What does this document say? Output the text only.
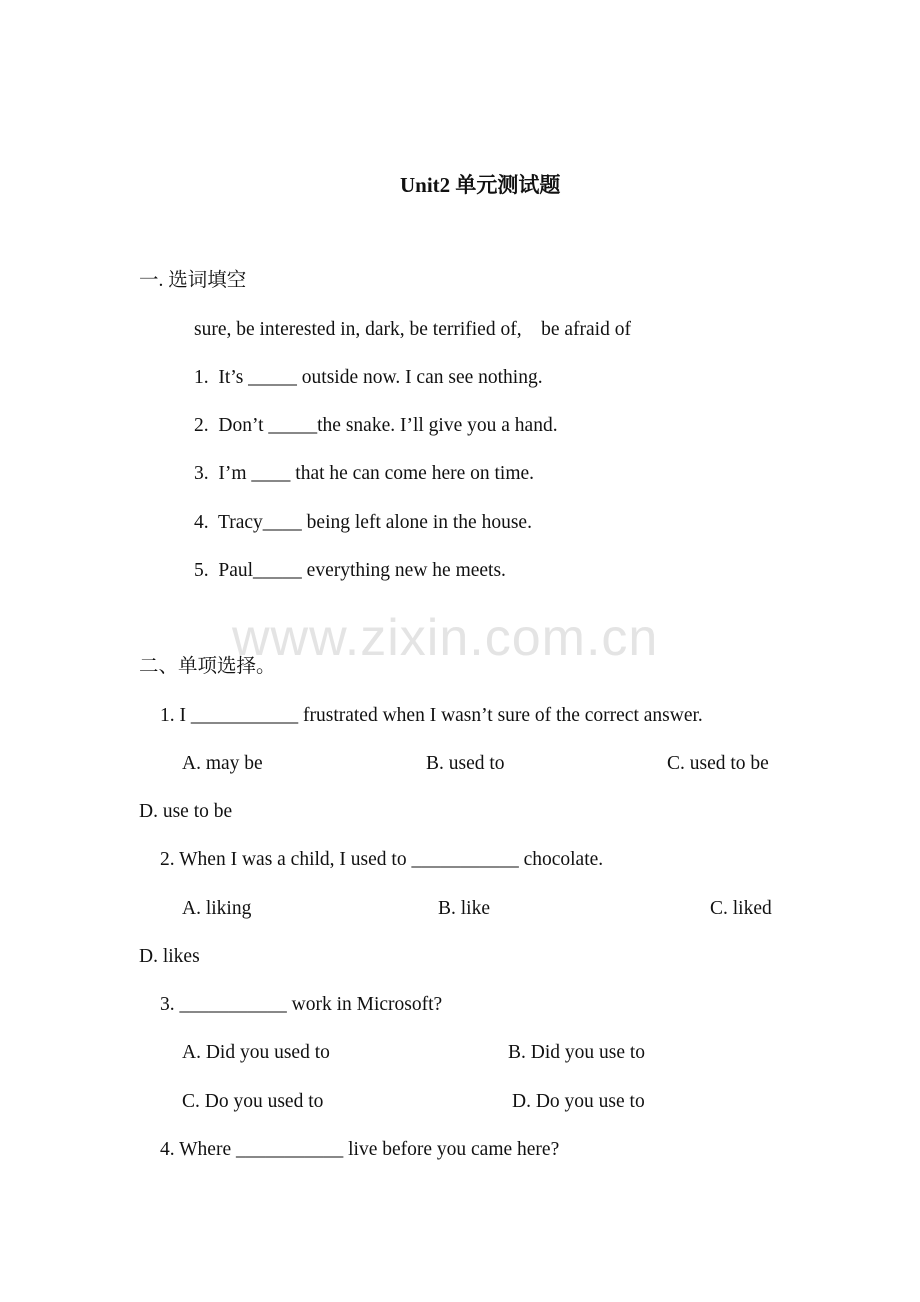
Unit2 单元测试题
一. 选词填空
sure, be interested in, dark, be terrified of,    be afraid of
1.  It’s _____ outside now. I can see nothing.
2.  Don’t _____the snake. I’ll give you a hand.
3.  I’m ____ that he can come here on time.
4.  Tracy____ being left alone in the house.
5.  Paul_____ everything new he meets.
www.zixin.com.cn
二、单项选择。
1. I ___________ frustrated when I wasn’t sure of the correct answer.
A. may be	B. used to	C. used to be
D. use to be
2. When I was a child, I used to ___________ chocolate.
A. liking	B. like	C. liked
D. likes
3. ___________ work in Microsoft?
A. Did you used to	B. Did you use to
C. Do you used to	D. Do you use to
4. Where ___________ live before you came here?
